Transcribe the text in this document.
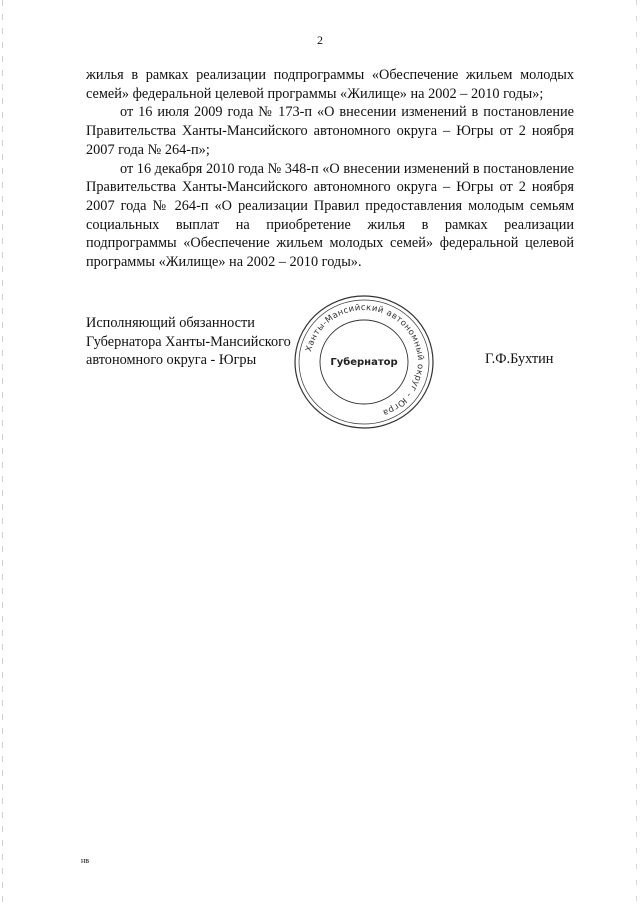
2

жилья в рамках реализации подпрограммы «Обеспечение жильем молодых семей» федеральной целевой программы «Жилище» на 2002 – 2010 годы»;

от 16 июля 2009 года № 173-п «О внесении изменений в постановление Правительства Ханты-Мансийского автономного округа – Югры от 2 ноября 2007 года № 264-п»;

от 16 декабря 2010 года № 348-п «О внесении изменений в постановление Правительства Ханты-Мансийского автономного округа – Югры от 2 ноября 2007 года № 264-п «О реализации Правил предоставления молодым семьям социальных выплат на приобретение жилья в рамках реализации подпрограммы «Обеспечение жильем молодых семей» федеральной целевой программы «Жилище» на 2002 – 2010 годы».

Исполняющий обязанности
Губернатора Ханты-Мансийского
автономного округа - Югры
Ханты-Мансийский автономный округ - Югра
Губернатор	Г.Ф.Бухтин
нв
